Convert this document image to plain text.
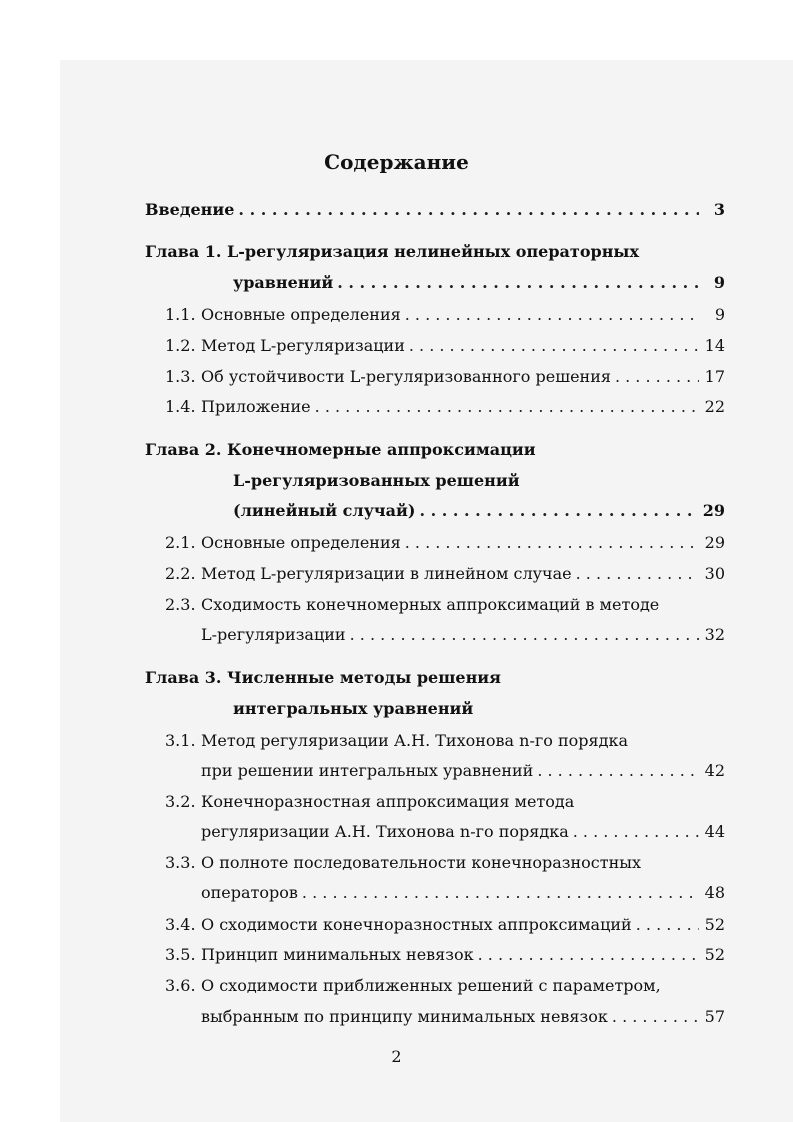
Содержание
Введение . . .	3
Глава 1. L-регуляризация нелинейных операторных
уравнений . . .	9
1.1. Основные определения . . .	9
1.2. Метод L-регуляризации . . .	14
1.3. Об устойчивости L-регуляризованного решения . . .	17
1.4. Приложение . . .	22
Глава 2. Конечномерные аппроксимации
L-регуляризованных решений
(линейный случай) . . .	29
2.1. Основные определения . . .	29
2.2. Метод L-регуляризации в линейном случае . . .	30
2.3. Сходимость конечномерных аппроксимаций в методе
L-регуляризации . . .	32
Глава 3. Численные методы решения
интегральных уравнений
3.1. Метод регуляризации А.Н. Тихонова n-го порядка
при решении интегральных уравнений . . .	42
3.2. Конечноразностная аппроксимация метода
регуляризации А.Н. Тихонова n-го порядка . . .	44
3.3. О полноте последовательности конечноразностных
операторов . . .	48
3.4. О сходимости конечноразностных аппроксимаций . . .	52
3.5. Принцип минимальных невязок . . .	52
3.6. О сходимости приближенных решений с параметром,
выбранным по принципу минимальных невязок . . .	57
2
